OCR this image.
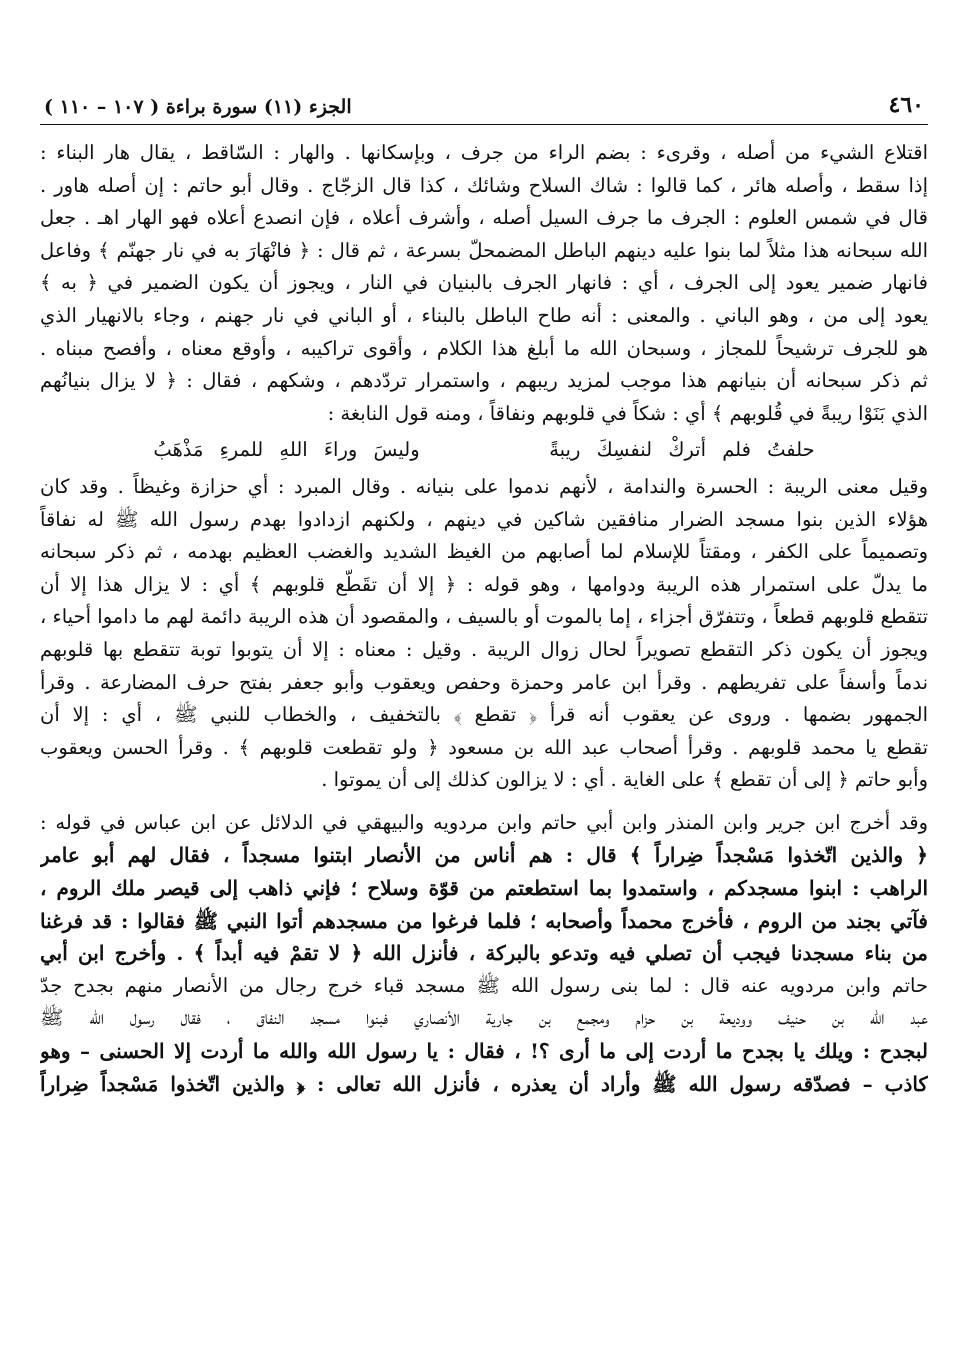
٤٦٠
الجزء (١١) سورة براءة ( ١٠٧ – ١١٠ )
اقتلاع الشيء من أصله ، وقرىء : بضم الراء من جرف ، وبإسكانها . والهار : السّاقط ، يقال هار البناء :
إذا سقط ، وأصله هائر ، كما قالوا : شاك السلاح وشائك ، كذا قال الزجّاج . وقال أبو حاتم : إن أصله هاور .
قال في شمس العلوم : الجرف ما جرف السيل أصله ، وأشرف أعلاه ، فإن انصدع أعلاه فهو الهار اهـ . جعل
الله سبحانه هذا مثلاً لما بنوا عليه دينهم الباطل المضمحلّ بسرعة ، ثم قال : ﴿ فانْهَارَ به في نار جهنّم ﴾ وفاعل
فانهار ضمير يعود إلى الجرف ، أي : فانهار الجرف بالبنيان في النار ، ويجوز أن يكون الضمير في ﴿ به ﴾
يعود إلى من ، وهو الباني . والمعنى : أنه طاح الباطل بالبناء ، أو الباني في نار جهنم ، وجاء بالانهيار الذي
هو للجرف ترشيحاً للمجاز ، وسبحان الله ما أبلغ هذا الكلام ، وأقوى تراكيبه ، وأوقع معناه ، وأفصح مبناه .
ثم ذكر سبحانه أن بنيانهم هذا موجب لمزيد ريبهم ، واستمرار تردّدهم ، وشكهم ، فقال : ﴿ لا يزال بنيانُهم
الذي بَنَوْا ريبةً في قُلوبهم ﴾ أي : شكاً في قلوبهم ونفاقاً ، ومنه قول النابغة :
حلفتُ فلم أتركْ لنفسِكَ ريبةً        وليسَ وراءَ اللهِ للمرءِ مَذْهَبُ
وقيل معنى الريبة : الحسرة والندامة ، لأنهم ندموا على بنيانه . وقال المبرد : أي حزازة وغيظاً . وقد كان
هؤلاء الذين بنوا مسجد الضرار منافقين شاكين في دينهم ، ولكنهم ازدادوا بهدم رسول الله ﷺ له نفاقاً
وتصميماً على الكفر ، ومقتاً للإسلام لما أصابهم من الغيظ الشديد والغضب العظيم بهدمه ، ثم ذكر سبحانه
ما يدلّ على استمرار هذه الريبة ودوامها ، وهو قوله : ﴿ إلا أن تقَطّع قلوبهم ﴾ أي : لا يزال هذا إلا أن
تتقطع قلوبهم قطعاً ، وتتفرّق أجزاء ، إما بالموت أو بالسيف ، والمقصود أن هذه الريبة دائمة لهم ما داموا أحياء ،
ويجوز أن يكون ذكر التقطع تصويراً لحال زوال الريبة . وقيل : معناه : إلا أن يتوبوا توبة تتقطع بها قلوبهم
ندماً وأسفاً على تفريطهم . وقرأ ابن عامر وحمزة وحفص ويعقوب وأبو جعفر بفتح حرف المضارعة . وقرأ
الجمهور بضمها . وروى عن يعقوب أنه قرأ ﴿ تقطع ﴾ بالتخفيف ، والخطاب للنبي ﷺ ، أي : إلا أن
تقطع يا محمد قلوبهم . وقرأ أصحاب عبد الله بن مسعود ﴿ ولو تقطعت قلوبهم ﴾ . وقرأ الحسن ويعقوب
وأبو حاتم ﴿ إلى أن تقطع ﴾ على الغاية . أي : لا يزالون كذلك إلى أن يموتوا .
وقد أخرج ابن جرير وابن المنذر وابن أبي حاتم وابن مردويه والبيهقي في الدلائل عن ابن عباس في قوله :
﴿ والذين اتّخذوا مَسْجداً ضِراراً ﴾ قال : هم أناس من الأنصار ابتنوا مسجداً ، فقال لهم أبو عامر
الراهب : ابنوا مسجدكم ، واستمدوا بما استطعتم من قوّة وسلاح ؛ فإني ذاهب إلى قيصر ملك الروم ،
فآتي بجند من الروم ، فأخرج محمداً وأصحابه ؛ فلما فرغوا من مسجدهم أتوا النبي ﷺ فقالوا : قد فرغنا
من بناء مسجدنا فيجب أن تصلي فيه وتدعو بالبركة ، فأنزل الله ﴿ لا تقمْ فيه أبداً ﴾ . وأخرج ابن أبي
حاتم وابن مردويه عنه قال : لما بنى رسول الله ﷺ مسجد قباء خرج رجال من الأنصار منهم بجدح جدّ
عبد الله بن حنيف ووديعة بن حزام ومجمع بن جارية الأنصاري فبنوا مسجد النفاق ، فقال رسول الله ﷺ
لبجدح : ويلك يا بجدح ما أردت إلى ما أرى ؟! ، فقال : يا رسول الله والله ما أردت إلا الحسنى – وهو
كاذب – فصدّقه رسول الله ﷺ وأراد أن يعذره ، فأنزل الله تعالى : ﴿ والذين اتّخذوا مَسْجداً ضِراراً
